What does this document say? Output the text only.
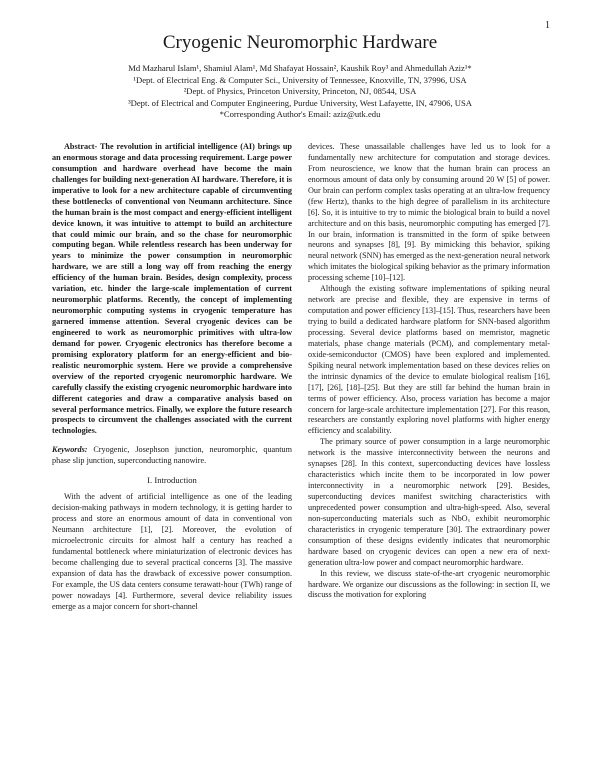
1
Cryogenic Neuromorphic Hardware
Md Mazharul Islam¹, Shamiul Alam¹, Md Shafayat Hossain², Kaushik Roy³ and Ahmedullah Aziz¹*
¹Dept. of Electrical Eng. & Computer Sci., University of Tennessee, Knoxville, TN, 37996, USA
²Dept. of Physics, Princeton University, Princeton, NJ, 08544, USA
³Dept. of Electrical and Computer Engineering, Purdue University, West Lafayette, IN, 47906, USA
*Corresponding Author's Email: aziz@utk.edu

Abstract- The revolution in artificial intelligence (AI) brings up an enormous storage and data processing requirement. Large power consumption and hardware overhead have become the main challenges for building next-generation AI hardware. Therefore, it is imperative to look for a new architecture capable of circumventing these bottlenecks of conventional von Neumann architecture. Since the human brain is the most compact and energy-efficient intelligent device known, it was intuitive to attempt to build an architecture that could mimic our brain, and so the chase for neuromorphic computing began. While relentless research has been underway for years to minimize the power consumption in neuromorphic hardware, we are still a long way off from reaching the energy efficiency of the human brain. Besides, design complexity, process variation, etc. hinder the large-scale implementation of current neuromorphic platforms. Recently, the concept of implementing neuromorphic computing systems in cryogenic temperature has garnered immense attention. Several cryogenic devices can be engineered to work as neuromorphic primitives with ultra-low demand for power. Cryogenic electronics has therefore become a promising exploratory platform for an energy-efficient and bio-realistic neuromorphic system. Here we provide a comprehensive overview of the reported cryogenic neuromorphic hardware. We carefully classify the existing cryogenic neuromorphic hardware into different categories and draw a comparative analysis based on several performance metrics. Finally, we explore the future research prospects to circumvent the challenges associated with the current technologies.

Keywords: Cryogenic, Josephson junction, neuromorphic, quantum phase slip junction, superconducting nanowire.

I. Introduction

With the advent of artificial intelligence as one of the leading decision-making pathways in modern technology, it is getting harder to process and store an enormous amount of data in conventional von Neumann architecture [1], [2]. Moreover, the evolution of microelectronic circuits for almost half a century has reached a fundamental bottleneck where miniaturization of electronic devices has become challenging due to several practical concerns [3]. The massive expansion of data has the drawback of excessive power consumption. For example, the US data centers consume terawatt-hour (TWh) range of power nowadays [4]. Furthermore, several device reliability issues emerge as a major concern for short-channel

devices. These unassailable challenges have led us to look for a fundamentally new architecture for computation and storage devices. From neuroscience, we know that the human brain can process an enormous amount of data only by consuming around 20 W [5] of power. Our brain can perform complex tasks operating at an ultra-low frequency (few Hertz), thanks to the high degree of parallelism in its architecture [6]. So, it is intuitive to try to mimic the biological brain to build a novel architecture and on this basis, neuromorphic computing has emerged [7]. In our brain, information is transmitted in the form of spike between neurons and synapses [8], [9]. By mimicking this behavior, spiking neural network (SNN) has emerged as the next-generation neural network which imitates the biological spiking behavior as the primary information processing scheme [10]–[12].

Although the existing software implementations of spiking neural network are precise and flexible, they are expensive in terms of computation and power efficiency [13]–[15]. Thus, researchers have been trying to build a dedicated hardware platform for SNN-based algorithm processing. Several device platforms based on memristor, magnetic materials, phase change materials (PCM), and complementary metal-oxide-semiconductor (CMOS) have been explored and implemented. Spiking neural network implementation based on these devices relies on the intrinsic dynamics of the device to emulate biological realism [16], [17], [26], [18]–[25]. But they are still far behind the human brain in terms of power efficiency. Also, process variation has become a major concern for large-scale architecture implementation [27]. For this reason, researchers are constantly exploring novel platforms with higher energy efficiency and scalability.

The primary source of power consumption in a large neuromorphic network is the massive interconnectivity between the neurons and synapses [28]. In this context, superconducting devices have lossless characteristics which incite them to be incorporated in low power interconnectivity in a neuromorphic network [29]. Besides, superconducting devices manifest switching characteristics with unprecedented power consumption and ultra-high-speed. Also, several non-superconducting materials such as NbOₓ exhibit neuromorphic characteristics in cryogenic temperature [30]. The extraordinary power consumption of these designs evidently indicates that neuromorphic hardware based on cryogenic devices can open a new era of next-generation ultra-low power and compact neuromorphic hardware.

In this review, we discuss state-of-the-art cryogenic neuromorphic hardware. We organize our discussions as the following: in section II, we discuss the motivation for exploring
